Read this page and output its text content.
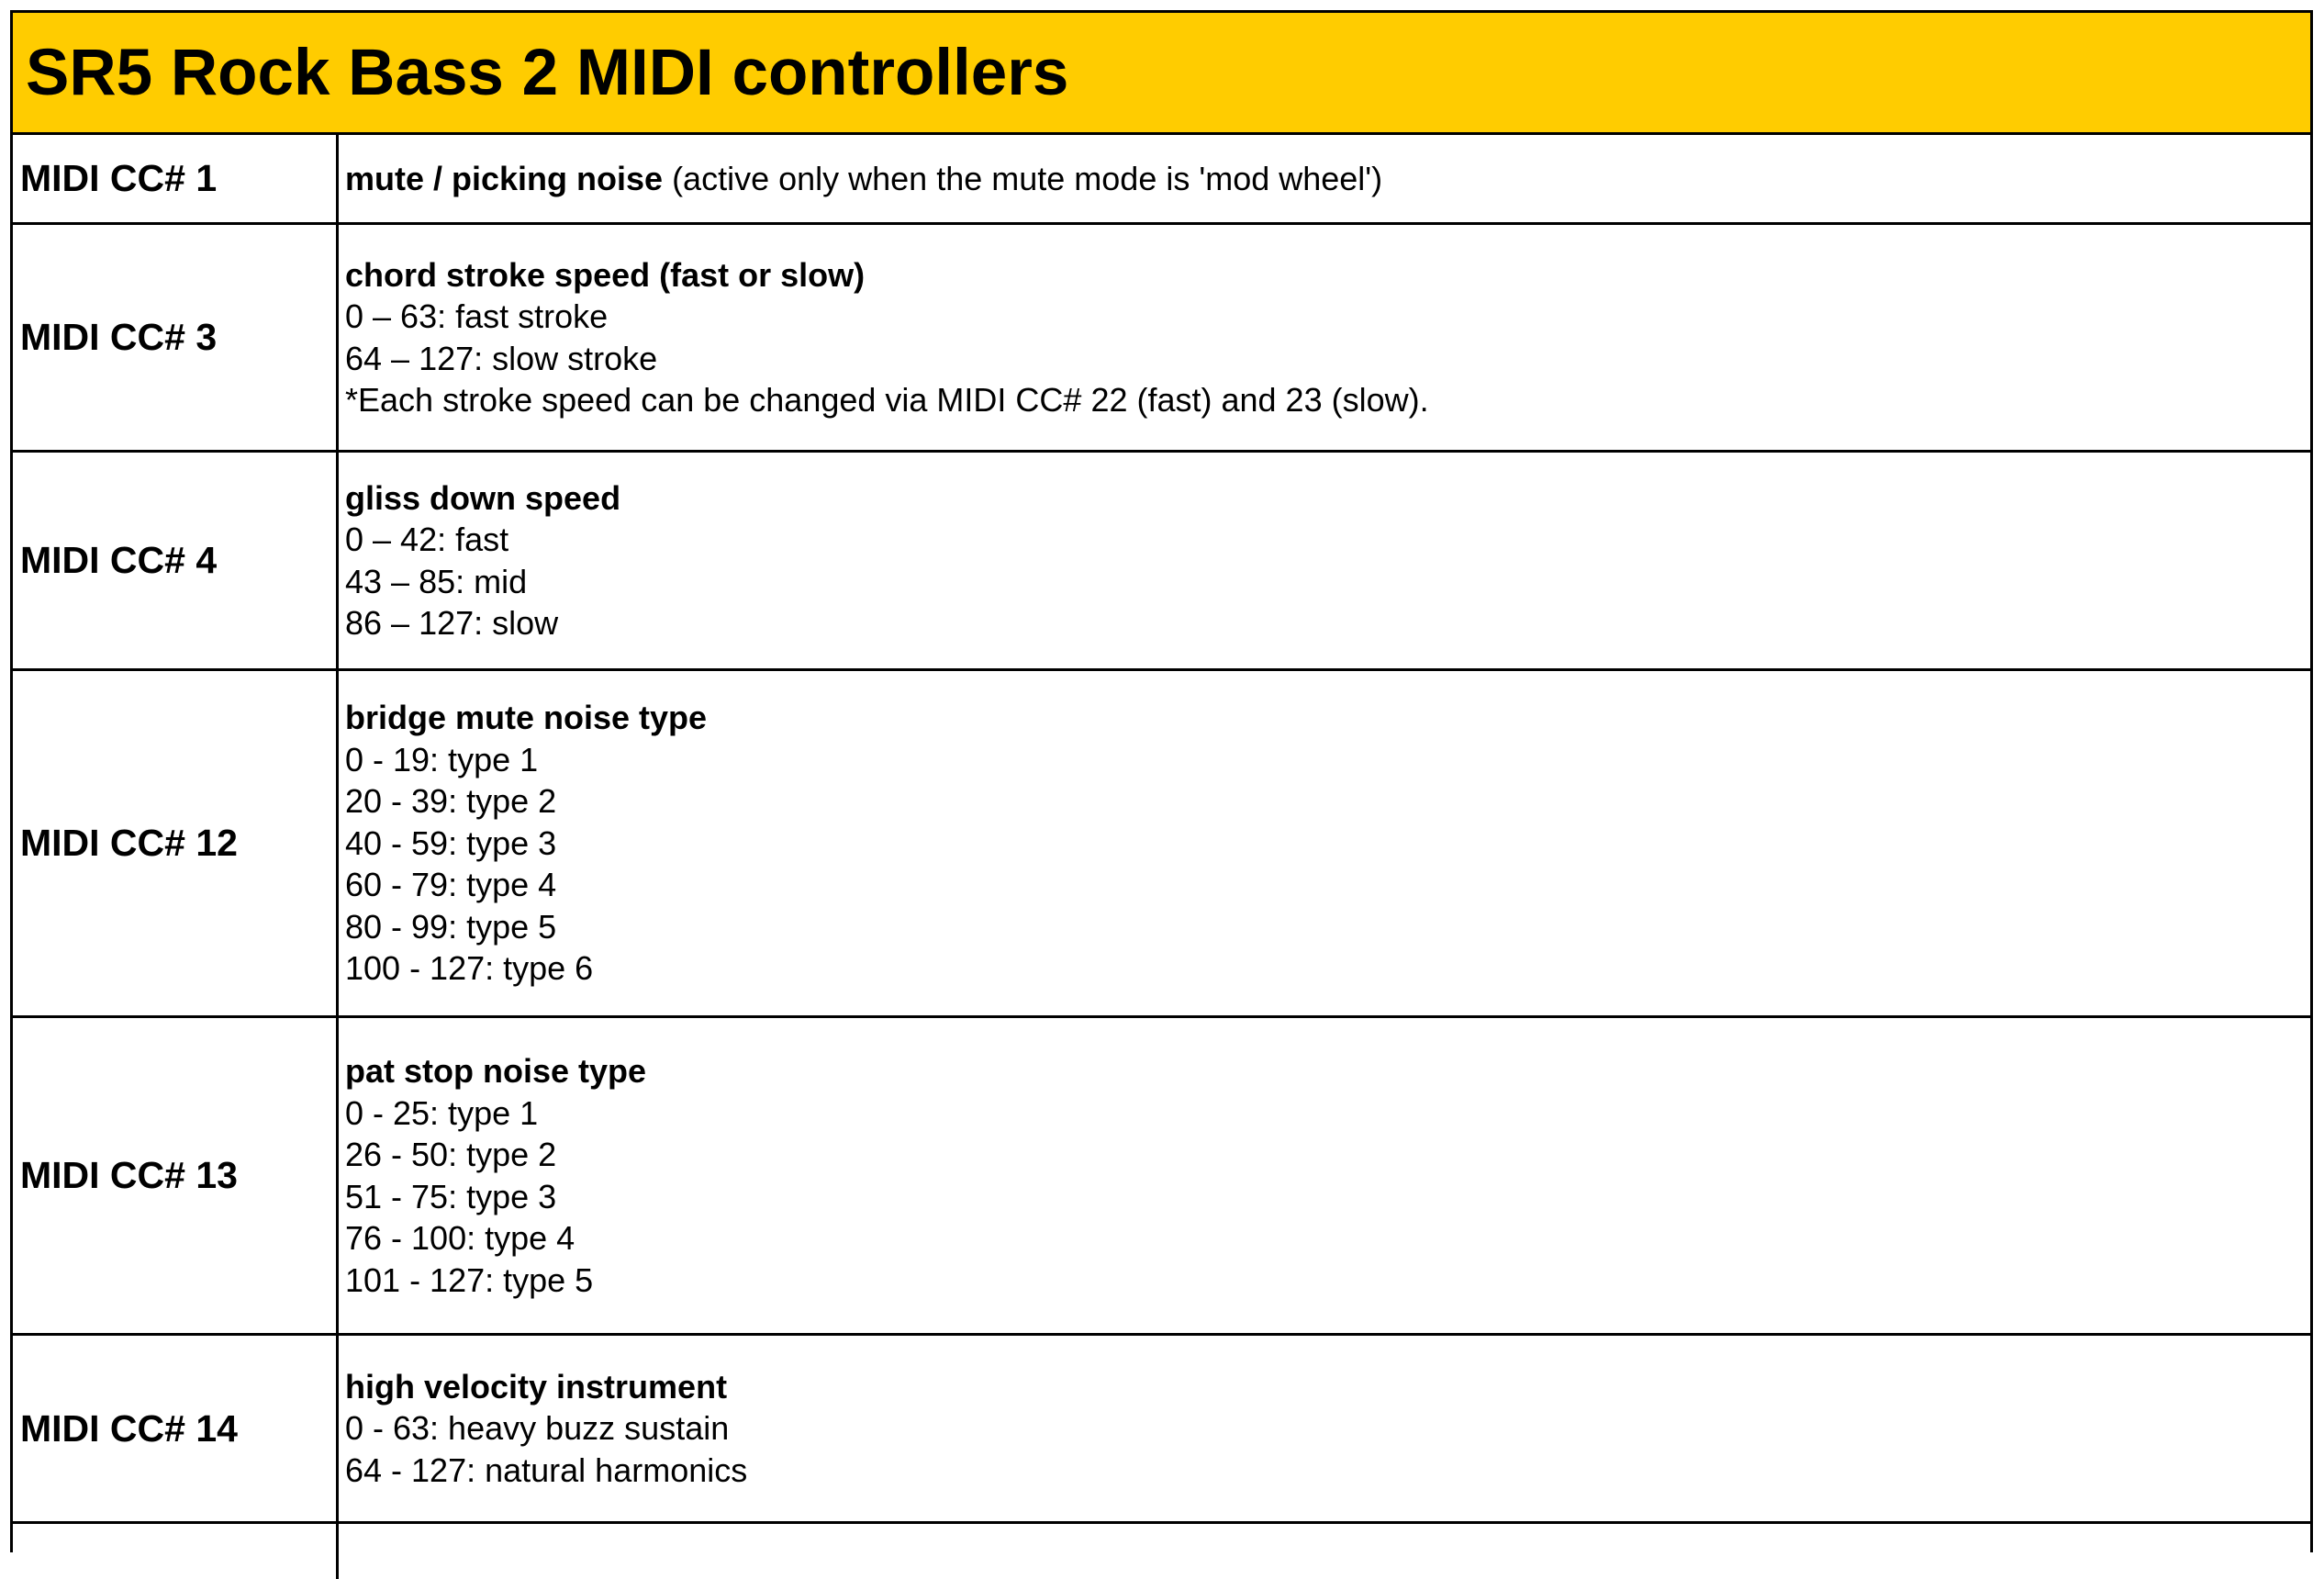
SR5 Rock Bass 2 MIDI controllers
MIDI CC# 1	mute / picking noise (active only when the mute mode is 'mod wheel')
MIDI CC# 3
chord stroke speed (fast or slow)
0 – 63: fast stroke
64 – 127: slow stroke
*Each stroke speed can be changed via MIDI CC# 22 (fast) and 23 (slow).
MIDI CC# 4
gliss down speed
0 – 42: fast
43 – 85: mid
86 – 127: slow
MIDI CC# 12
bridge mute noise type
0 - 19: type 1
20 - 39: type 2
40 - 59: type 3
60 - 79: type 4
80 - 99: type 5
100 - 127: type 6
MIDI CC# 13
pat stop noise type
0 - 25: type 1
26 - 50: type 2
51 - 75: type 3
76 - 100: type 4
101 - 127: type 5
MIDI CC# 14
high velocity instrument
0 - 63: heavy buzz sustain
64 - 127: natural harmonics
